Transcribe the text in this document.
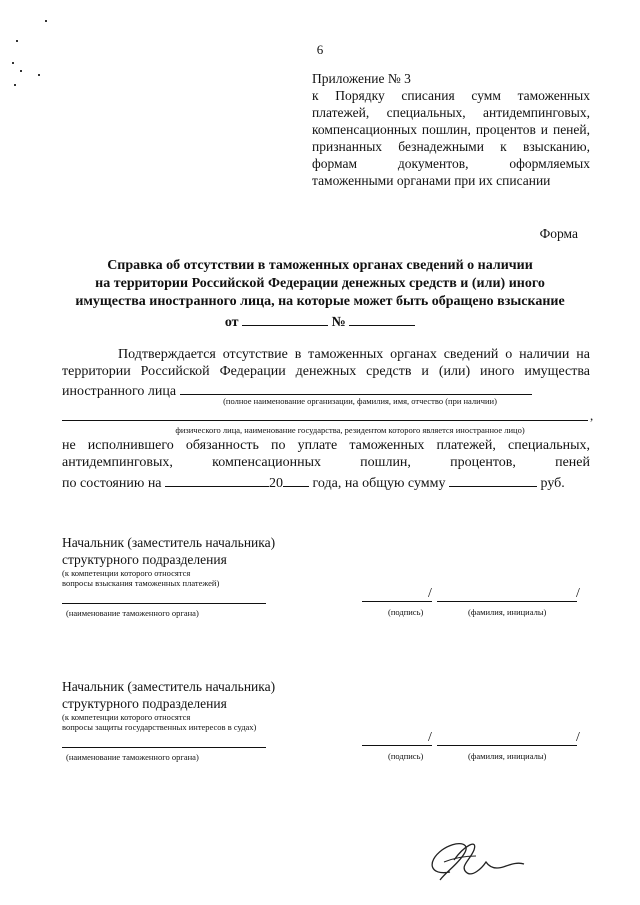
6
Приложение № 3
к Порядку списания сумм таможенных платежей, специальных, антидемпинговых, компенсационных пошлин, процентов и пеней, признанных безнадежными к взысканию, формам документов, оформляемых таможенными органами при их списании
Форма
Справка об отсутствии в таможенных органах сведений о наличии
на территории Российской Федерации денежных средств и (или) иного
имущества иностранного лица, на которые может быть обращено взыскание
от	№
Подтверждается отсутствие в таможенных органах сведений о наличии на территории Российской Федерации денежных средств и (или) иного имущества иностранного лица
(полное наименование организации, фамилия, имя, отчество (при наличии)
,
физического лица, наименование государства, резидентом которого является иностранное лицо)
не исполнившего обязанность по уплате таможенных платежей, специальных, антидемпинговых, компенсационных пошлин, процентов, пеней
по состоянию на	20 года, на общую сумму	руб.
Начальник (заместитель начальника)
структурного подразделения
(к компетенции которого относятся
вопросы взыскания таможенных платежей)
(наименование таможенного органа)
/	/
(подпись)	(фамилия, инициалы)
Начальник (заместитель начальника)
структурного подразделения
(к компетенции которого относятся
вопросы защиты государственных интересов в судах)
(наименование таможенного органа)
/	/
(подпись)	(фамилия, инициалы)
